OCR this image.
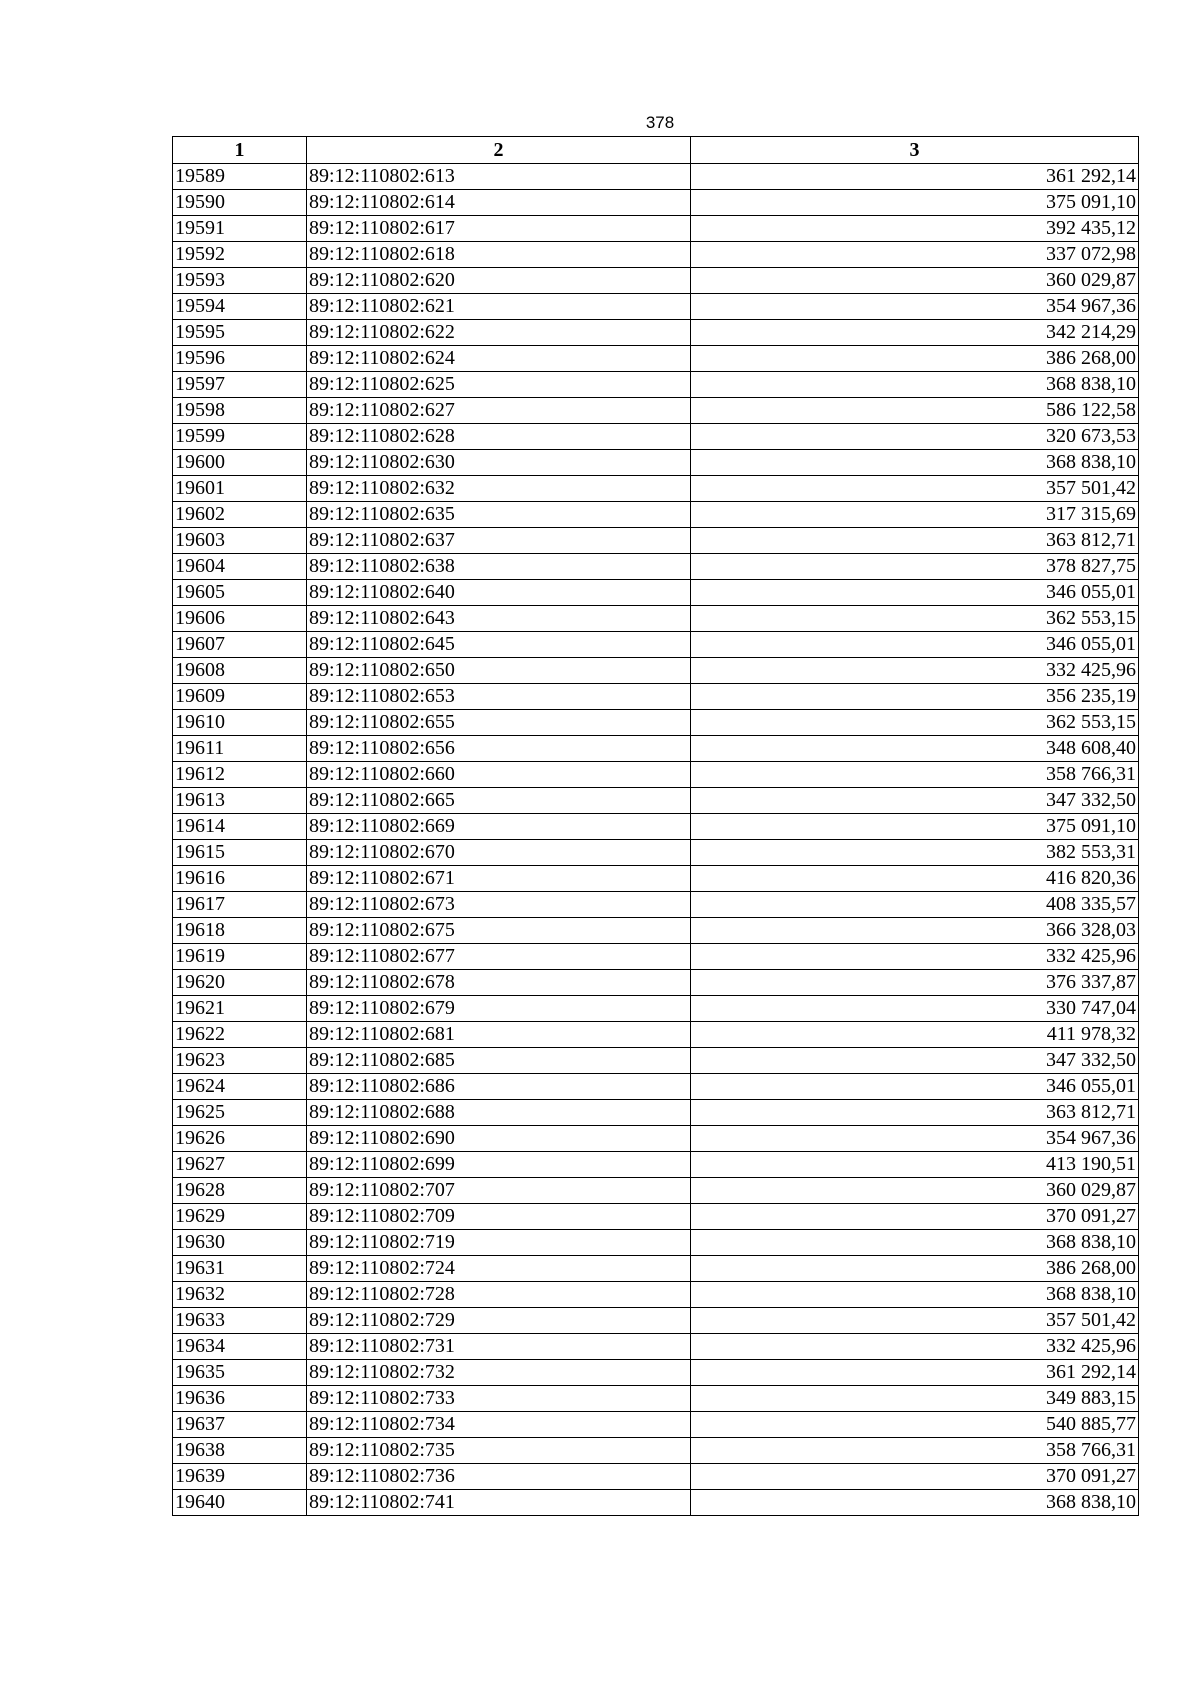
378
1	2	3
19589	89:12:110802:613	361 292,14
19590	89:12:110802:614	375 091,10
19591	89:12:110802:617	392 435,12
19592	89:12:110802:618	337 072,98
19593	89:12:110802:620	360 029,87
19594	89:12:110802:621	354 967,36
19595	89:12:110802:622	342 214,29
19596	89:12:110802:624	386 268,00
19597	89:12:110802:625	368 838,10
19598	89:12:110802:627	586 122,58
19599	89:12:110802:628	320 673,53
19600	89:12:110802:630	368 838,10
19601	89:12:110802:632	357 501,42
19602	89:12:110802:635	317 315,69
19603	89:12:110802:637	363 812,71
19604	89:12:110802:638	378 827,75
19605	89:12:110802:640	346 055,01
19606	89:12:110802:643	362 553,15
19607	89:12:110802:645	346 055,01
19608	89:12:110802:650	332 425,96
19609	89:12:110802:653	356 235,19
19610	89:12:110802:655	362 553,15
19611	89:12:110802:656	348 608,40
19612	89:12:110802:660	358 766,31
19613	89:12:110802:665	347 332,50
19614	89:12:110802:669	375 091,10
19615	89:12:110802:670	382 553,31
19616	89:12:110802:671	416 820,36
19617	89:12:110802:673	408 335,57
19618	89:12:110802:675	366 328,03
19619	89:12:110802:677	332 425,96
19620	89:12:110802:678	376 337,87
19621	89:12:110802:679	330 747,04
19622	89:12:110802:681	411 978,32
19623	89:12:110802:685	347 332,50
19624	89:12:110802:686	346 055,01
19625	89:12:110802:688	363 812,71
19626	89:12:110802:690	354 967,36
19627	89:12:110802:699	413 190,51
19628	89:12:110802:707	360 029,87
19629	89:12:110802:709	370 091,27
19630	89:12:110802:719	368 838,10
19631	89:12:110802:724	386 268,00
19632	89:12:110802:728	368 838,10
19633	89:12:110802:729	357 501,42
19634	89:12:110802:731	332 425,96
19635	89:12:110802:732	361 292,14
19636	89:12:110802:733	349 883,15
19637	89:12:110802:734	540 885,77
19638	89:12:110802:735	358 766,31
19639	89:12:110802:736	370 091,27
19640	89:12:110802:741	368 838,10
